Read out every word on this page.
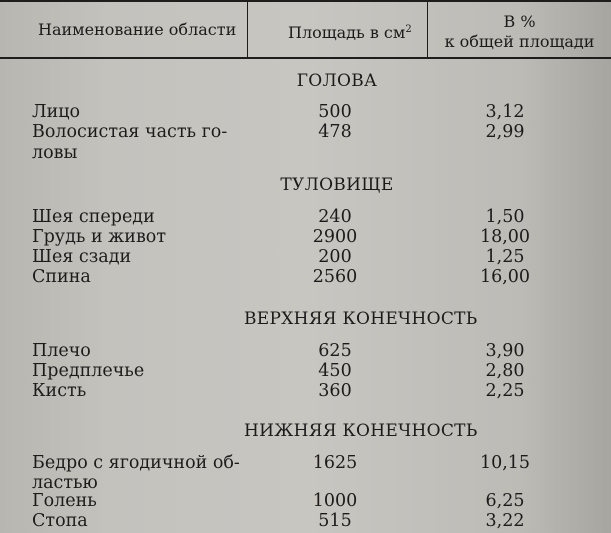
Наименование области	Площадь в $см^2$	В %
к общей площади
ГОЛОВА
Лицо	500	3,12
Волосистая часть го-
ловы
478	2,99
ТУЛОВИЩЕ
Шея спереди	240	1,50
Грудь и живот	2900	18,00
Шея сзади	200	1,25
Спина	2560	16,00
ВЕРХНЯЯ КОНЕЧНОСТЬ
Плечо	625	3,90
Предплечье	450	2,80
Кисть	360	2,25
НИЖНЯЯ КОНЕЧНОСТЬ
Бедро с ягодичной об-
ластью
1625	10,15
Голень	1000	6,25
Стопа	515	3,22
